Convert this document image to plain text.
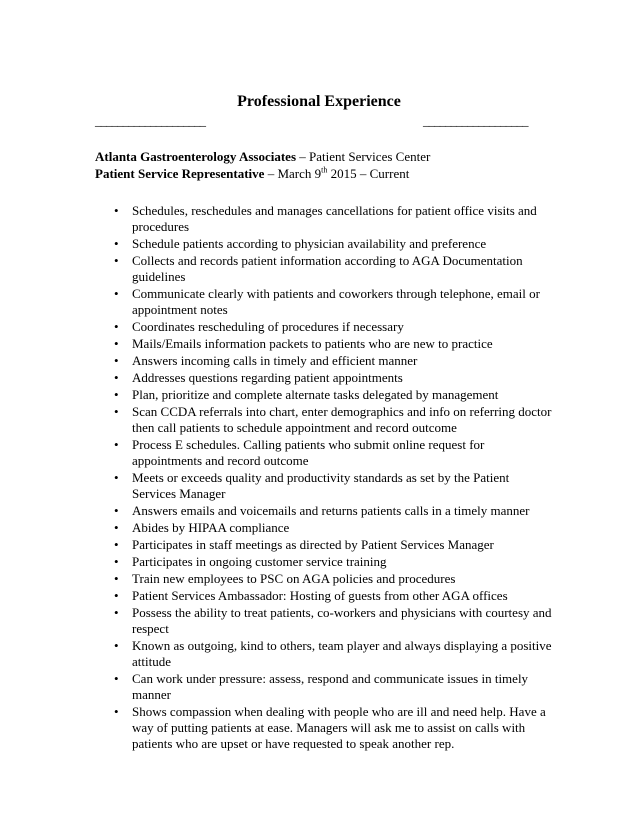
Professional Experience
____________________	___________________
Atlanta Gastroenterology Associates – Patient Services Center
Patient Service Representative – March 9th 2015 – Current
• Schedules, reschedules and manages cancellations for patient office visits and procedures
• Schedule patients according to physician availability and preference
• Collects and records patient information according to AGA Documentation guidelines
• Communicate clearly with patients and coworkers through telephone, email or appointment notes
• Coordinates rescheduling of procedures if necessary
• Mails/Emails information packets to patients who are new to practice
• Answers incoming calls in timely and efficient manner
• Addresses questions regarding patient appointments
• Plan, prioritize and complete alternate tasks delegated by management
• Scan CCDA referrals into chart, enter demographics and info on referring doctor then call patients to schedule appointment and record outcome
• Process E schedules. Calling patients who submit online request for appointments and record outcome
• Meets or exceeds quality and productivity standards as set by the Patient Services Manager
• Answers emails and voicemails and returns patients calls in a timely manner
• Abides by HIPAA compliance
• Participates in staff meetings as directed by Patient Services Manager
• Participates in ongoing customer service training
• Train new employees to PSC on AGA policies and procedures
• Patient Services Ambassador: Hosting of guests from other AGA offices
• Possess the ability to treat patients, co-workers and physicians with courtesy and respect
• Known as outgoing, kind to others, team player and always displaying a positive attitude
• Can work under pressure: assess, respond and communicate issues in timely manner
• Shows compassion when dealing with people who are ill and need help. Have a way of putting patients at ease. Managers will ask me to assist on calls with patients who are upset or have requested to speak another rep.
